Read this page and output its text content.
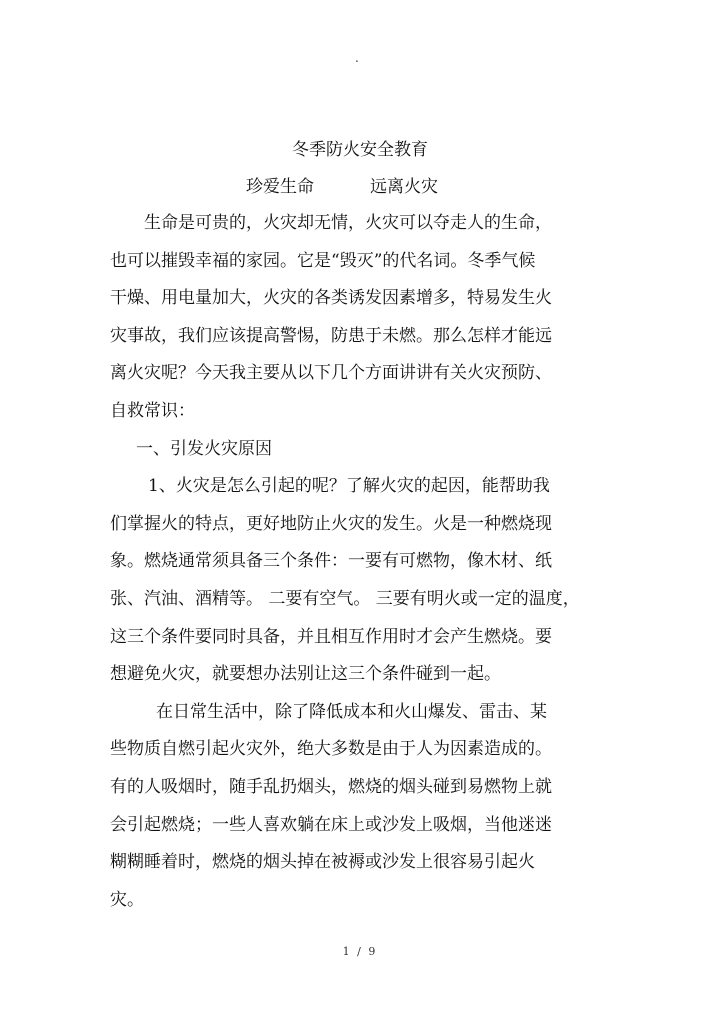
.
冬季防火安全教育
珍爱生命	远离火灾
生命是可贵的，火灾却无情，火灾可以夺走人的生命，
也可以摧毁幸福的家园。它是“毁灭”的代名词。冬季气候
干燥、用电量加大，火灾的各类诱发因素增多，特易发生火
灾事故，我们应该提高警惕，防患于未燃。那么怎样才能远
离火灾呢？今天我主要从以下几个方面讲讲有关火灾预防、
自救常识：
一、引发火灾原因
1、火灾是怎么引起的呢？了解火灾的起因，能帮助我
们掌握火的特点，更好地防止火灾的发生。火是一种燃烧现
象。燃烧通常须具备三个条件：一要有可燃物，像木材、纸
张、汽油、酒精等。 二要有空气。 三要有明火或一定的温度，
这三个条件要同时具备，并且相互作用时才会产生燃烧。要
想避免火灾，就要想办法别让这三个条件碰到一起。
在日常生活中，除了降低成本和火山爆发、雷击、某
些物质自燃引起火灾外，绝大多数是由于人为因素造成的。
有的人吸烟时，随手乱扔烟头，燃烧的烟头碰到易燃物上就
会引起燃烧；一些人喜欢躺在床上或沙发上吸烟，当他迷迷
糊糊睡着时，燃烧的烟头掉在被褥或沙发上很容易引起火
灾。
1 / 9
